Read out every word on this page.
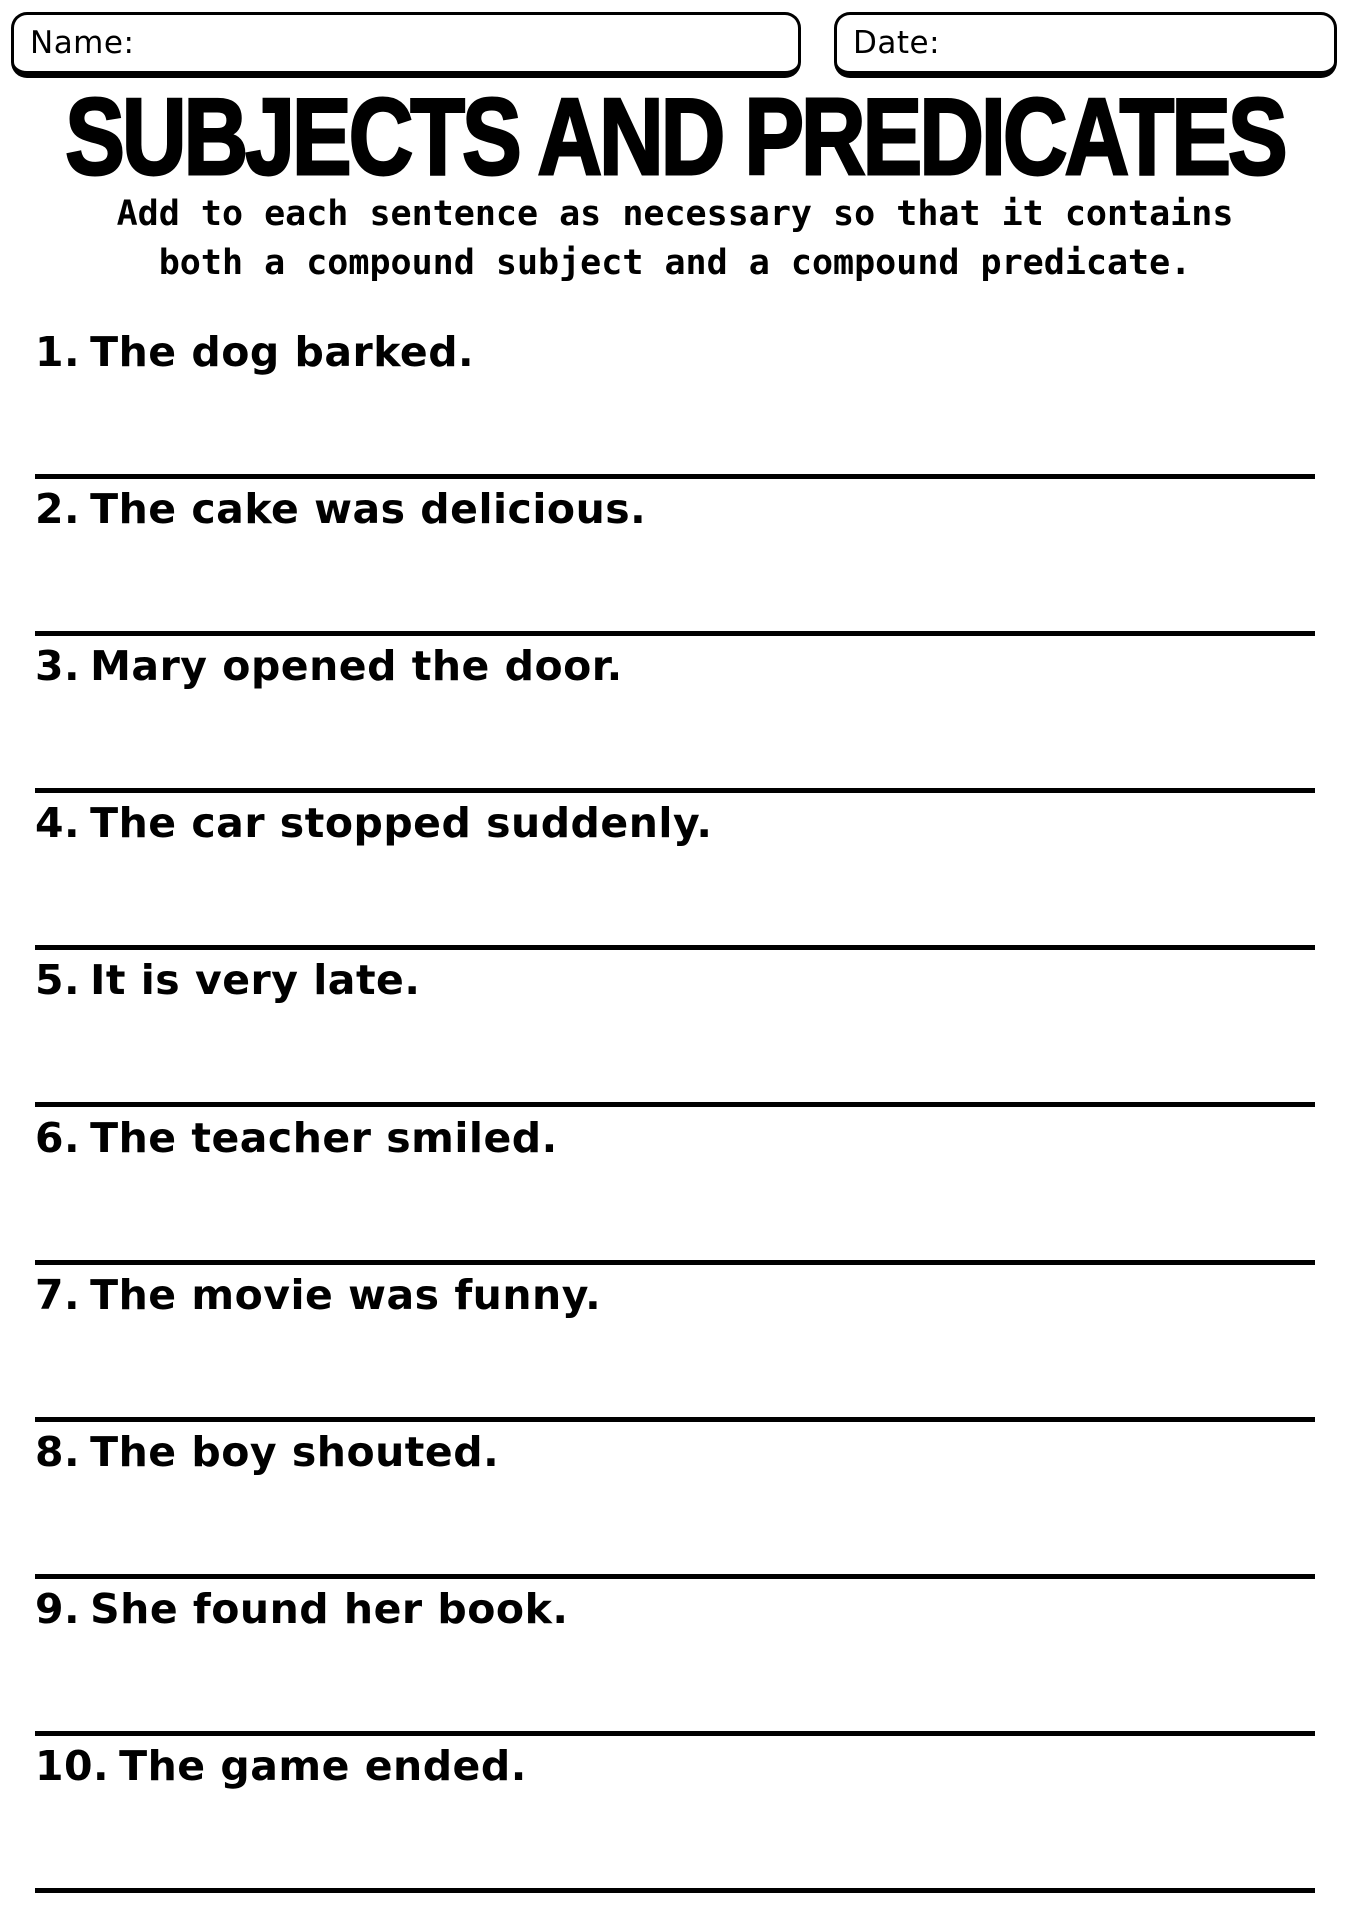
Name:	Date:
SUBJECTS AND PREDICATES
Add to each sentence as necessary so that it contains
both a compound subject and a compound predicate.
1. The dog barked.
2. The cake was delicious.
3. Mary opened the door.
4. The car stopped suddenly.
5. It is very late.
6. The teacher smiled.
7. The movie was funny.
8. The boy shouted.
9. She found her book.
10. The game ended.
